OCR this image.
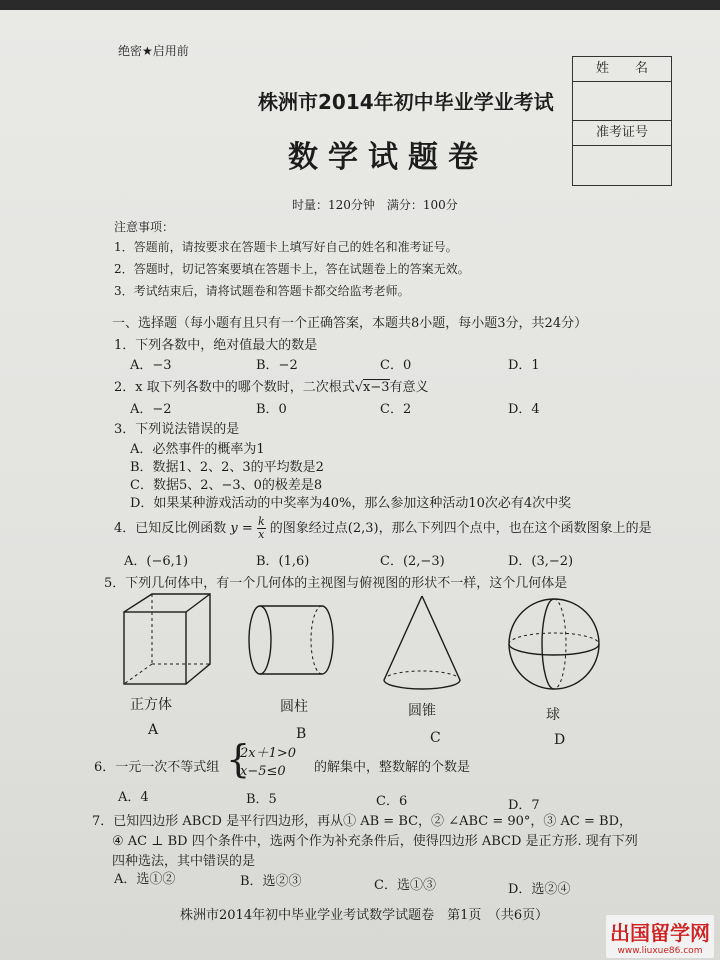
绝密★启用前
株洲市2014年初中毕业学业考试
数学试题卷
姓　　名
准考证号
时量：120分钟　满分：100分
注意事项：
1．答题前，请按要求在答题卡上填写好自己的姓名和准考证号。
2．答题时，切记答案要填在答题卡上，答在试题卷上的答案无效。
3．考试结束后，请将试题卷和答题卡都交给监考老师。
一、选择题（每小题有且只有一个正确答案，本题共8小题，每小题3分，共24分）
1．下列各数中，绝对值最大的数是
A．−3	B．−2	C．0	D．1
2．x 取下列各数中的哪个数时，二次根式√x−3有意义
A．−2	B．0	C．2	D．4
3．下列说法错误的是
A．必然事件的概率为1
B．数据1、2、2、3的平均数是2
C．数据5、2、−3、0的极差是8
D．如果某种游戏活动的中奖率为40%，那么参加这种活动10次必有4次中奖
4．已知反比例函数 $y = \frac{k}{x}$ 的图象经过点(2,3)，那么下列四个点中，也在这个函数图象上的是
A．(−6,1)	B．(1,6)	C．(2,−3)	D．(3,−2)
5．下列几何体中，有一个几何体的主视图与俯视图的形状不一样，这个几何体是
正方体
A
圆柱
B
圆锥
C
球
D
6．一元一次不等式组 {
2x＋1>0
x−5≤0 的解集中，整数解的个数是
A．4	B．5	C．6	D．7
7．已知四边形 ABCD 是平行四边形，再从① AB = BC，② ∠ABC = 90°，③ AC = BD，
④ AC ⊥ BD 四个条件中，选两个作为补充条件后，使得四边形 ABCD 是正方形. 现有下列
四种选法，其中错误的是
A．选①②	B．选②③	C．选①③	D．选②④
株洲市2014年初中毕业学业考试数学试题卷　第1页　（共6页）
出国留学网
www.liuxue86.com
